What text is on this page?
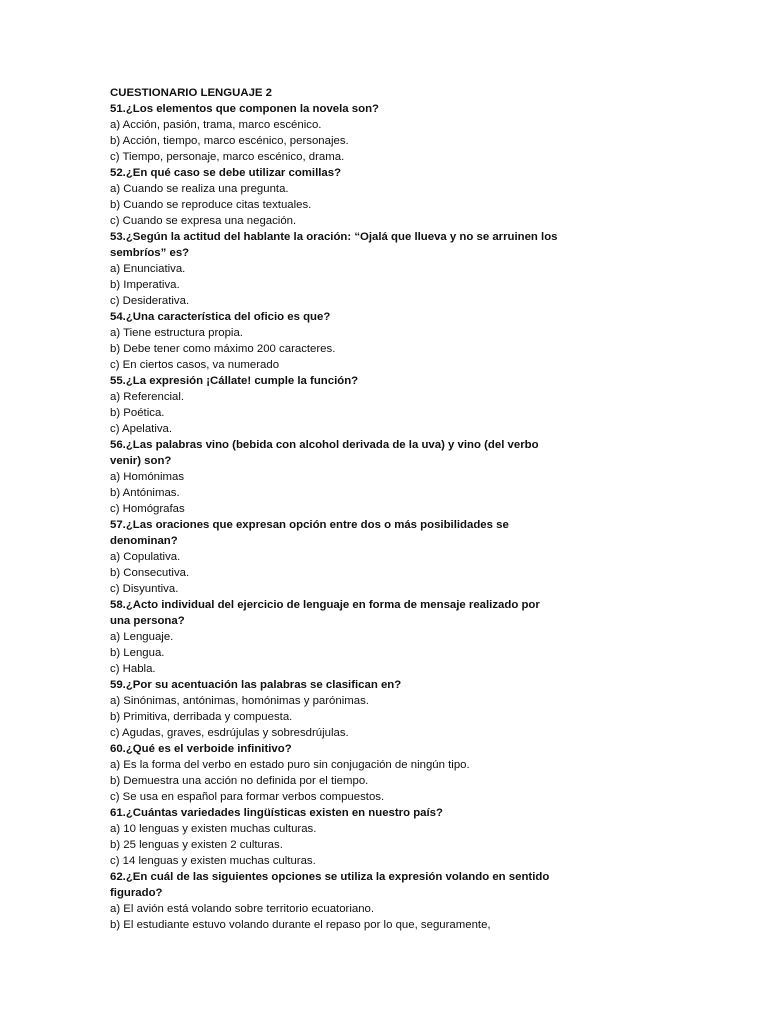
CUESTIONARIO LENGUAJE 2
51.¿Los elementos que componen la novela son?
a) Acción, pasión, trama, marco escénico.
b) Acción, tiempo, marco escénico, personajes.
c) Tiempo, personaje, marco escénico, drama.
52.¿En qué caso se debe utilizar comillas?
a) Cuando se realiza una pregunta.
b) Cuando se reproduce citas textuales.
c) Cuando se expresa una negación.
53.¿Según la actitud del hablante la oración: “Ojalá que llueva y no se arruinen los sembríos” es?
a) Enunciativa.
b) Imperativa.
c) Desiderativa.
54.¿Una característica del oficio es que?
a) Tiene estructura propia.
b) Debe tener como máximo 200 caracteres.
c) En ciertos casos, va numerado
55.¿La expresión ¡Cállate! cumple la función?
a) Referencial.
b) Poética.
c) Apelativa.
56.¿Las palabras vino (bebida con alcohol derivada de la uva) y vino (del verbo venir) son?
a) Homónimas
b) Antónimas.
c) Homógrafas
57.¿Las oraciones que expresan opción entre dos o más posibilidades se denominan?
a) Copulativa.
b) Consecutiva.
c) Disyuntiva.
58.¿Acto individual del ejercicio de lenguaje en forma de mensaje realizado por una persona?
a) Lenguaje.
b) Lengua.
c) Habla.
59.¿Por su acentuación las palabras se clasifican en?
a) Sinónimas, antónimas, homónimas y parónimas.
b) Primitiva, derribada y compuesta.
c) Agudas, graves, esdrújulas y sobresdrújulas.
60.¿Qué es el verboide infinitivo?
a) Es la forma del verbo en estado puro sin conjugación de ningún tipo.
b) Demuestra una acción no definida por el tiempo.
c) Se usa en español para formar verbos compuestos.
61.¿Cuántas variedades lingüísticas existen en nuestro país?
a) 10 lenguas y existen muchas culturas.
b) 25 lenguas y existen 2 culturas.
c) 14 lenguas y existen muchas culturas.
62.¿En cuál de las siguientes opciones se utiliza la expresión volando en sentido figurado?
a) El avión está volando sobre territorio ecuatoriano.
b) El estudiante estuvo volando durante el repaso por lo que, seguramente,
